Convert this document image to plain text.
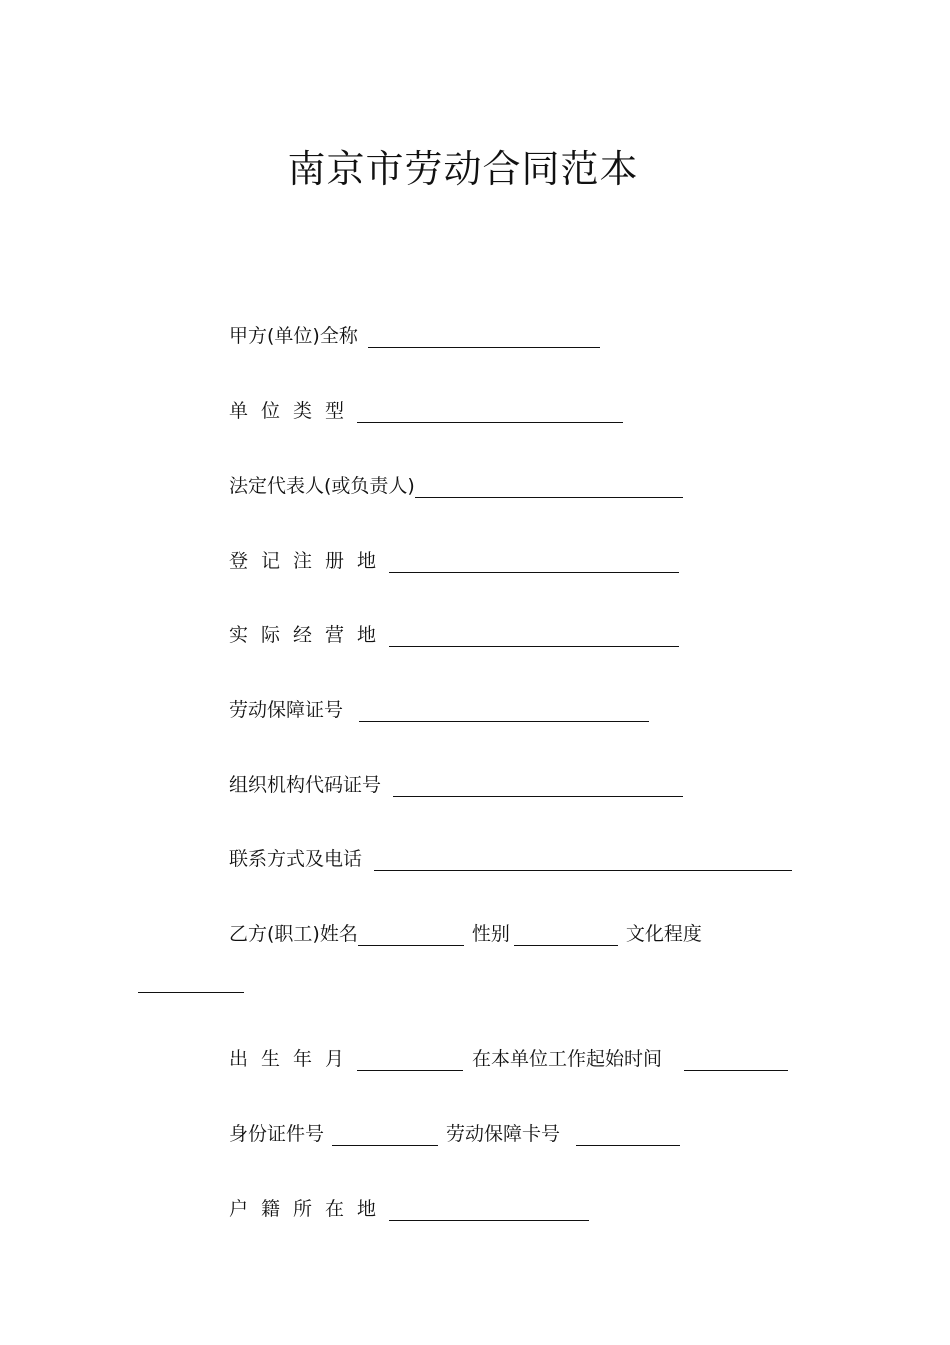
南京市劳动合同范本
甲方(单位)全称
单位类型
法定代表人(或负责人)
登记注册地
实际经营地
劳动保障证号
组织机构代码证号
联系方式及电话
乙方(职工)姓名	性别	文化程度
出生年月	在本单位工作起始时间
身份证件号	劳动保障卡号
户籍所在地
